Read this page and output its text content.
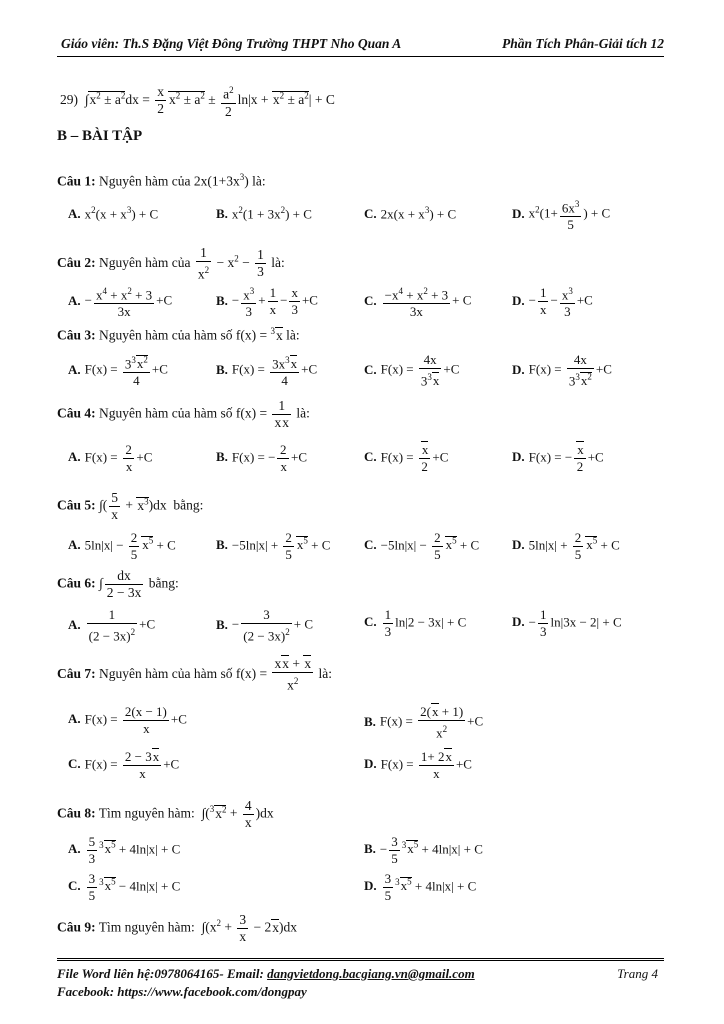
Giáo viên: Th.S Đặng Việt Đông Trường THPT Nho Quan A	Phần Tích Phân-Giải tích 12
29)  $\int x^2 \pm a^2dx = \frac{x}{2} x^2 \pm a^2 \pm \frac{a^2}{2} \ln|x + x^2 \pm a^2| + C$
B – BÀI TẬP
Câu 1: Nguyên hàm của $2x(1+3x^3)$ là:
A. $x^2(x + x^3) + C$	B. $x^2(1 + 3x^2) + C$	C. $2x(x + x^3) + C$	D. $x^2(1+ \frac{6x^3}{5}$ ) + C
Câu 2: Nguyên hàm của $\frac{1}{x^2} - x^2 - \frac{1}{3}$ là:
A. − $\frac{x^4 + x^2 + 3}{3x} +C$	B. − $\frac{x^3}{3} + \frac{1}{x} - \frac{x}{3} +C$	C. $\frac{-x^4 + x^2 + 3}{3x} + C$	D. − $\frac{1}{x} - \frac{x^3}{3} +C$
Câu 3: Nguyên hàm của hàm số f(x) = $^3$x là:
A. $F(x) = \frac{3^3x^2}{4} +C$	B. $F(x) = \frac{3x^3x}{4} +C$	C. $F(x) = \frac{4x}{3^3x} +C$	D. $F(x) = \frac{4x}{3^3x^2} +C$
Câu 4: Nguyên hàm của hàm số $f(x) = \frac{1}{xx}$ là:
A. $F(x) = \frac{2}{x} +C$	B. F(x) = − $\frac{2}{x} +C$	C. $F(x) = \frac{x}{2} +C$	D. F(x) = − $\frac{x}{2} +C$
Câu 5: ∫( $\frac{5}{x} + x^3)dx$  bằng:
A. $5\ln|x| - \frac{2}{5} x^5 + C$	B. $-5\ln|x| + \frac{2}{5} x^5 + C$	C. $-5\ln|x| - \frac{2}{5} x^5 + C$	D. $5\ln|x| + \frac{2}{5} x^5 + C$
Câu 6: ∫ $\frac{dx}{2 - 3x}$ bằng:
A. $\frac{1}{(2 - 3x)^2} +C$	B. − $\frac{3}{(2 - 3x)^2} + C$	C. $\frac{1}{3} \ln|2 - 3x| + C$	D. − $\frac{1}{3} \ln|3x - 2| + C$
Câu 7: Nguyên hàm của hàm số $f(x) = \frac{xx + x}{x^2}$ là:
A. $F(x) = \frac{2(x - 1)}{x} +C$	B. $F(x) = \frac{2(x + 1)}{x^2} +C$
C. $F(x) = \frac{2 - 3x}{x} +C$	D. $F(x) = \frac{1+ 2x}{x} +C$
Câu 8: Tìm nguyên hàm:  $\int(^3x^2 + \frac{4}{x} )dx$
A. $\frac{5}{3} ^3x^5 + 4\ln|x| + C$	B. − $\frac{3}{5} ^3x^5 + 4\ln|x| + C$
C. $\frac{3}{5} ^3x^5 - 4\ln|x| + C$	D. $\frac{3}{5} ^3x^5 + 4\ln|x| + C$
Câu 9: Tìm nguyên hàm:  $\int(x^2 + \frac{3}{x} - 2x)dx$
File Word liên hệ:0978064165- Email: dangvietdong.bacgiang.vn@gmail.com	Trang 4
Facebook: https://www.facebook.com/dongpay
